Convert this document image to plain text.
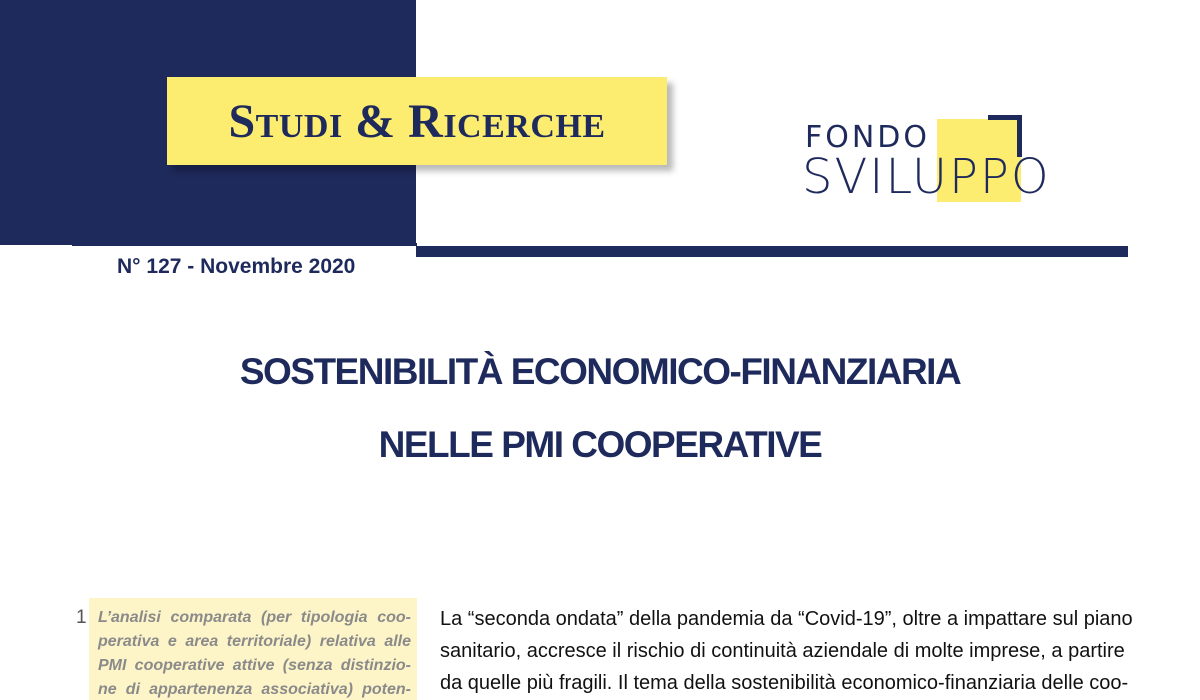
Studi & Ricerche	FONDO
SVILUPPO
N° 127 - Novembre 2020
SOSTENIBILITÀ ECONOMICO-FINANZIARIA
NELLE PMI COOPERATIVE
1 L’analisi comparata (per tipologia coo-
perativa e area territoriale) relativa alle
PMI cooperative attive (senza distinzio-
ne di appartenenza associativa) poten-

La “seconda ondata” della pandemia da “Covid-19”, oltre a impattare sul piano
sanitario, accresce il rischio di continuità aziendale di molte imprese, a partire
da quelle più fragili. Il tema della sostenibilità economico-finanziaria delle coo-
